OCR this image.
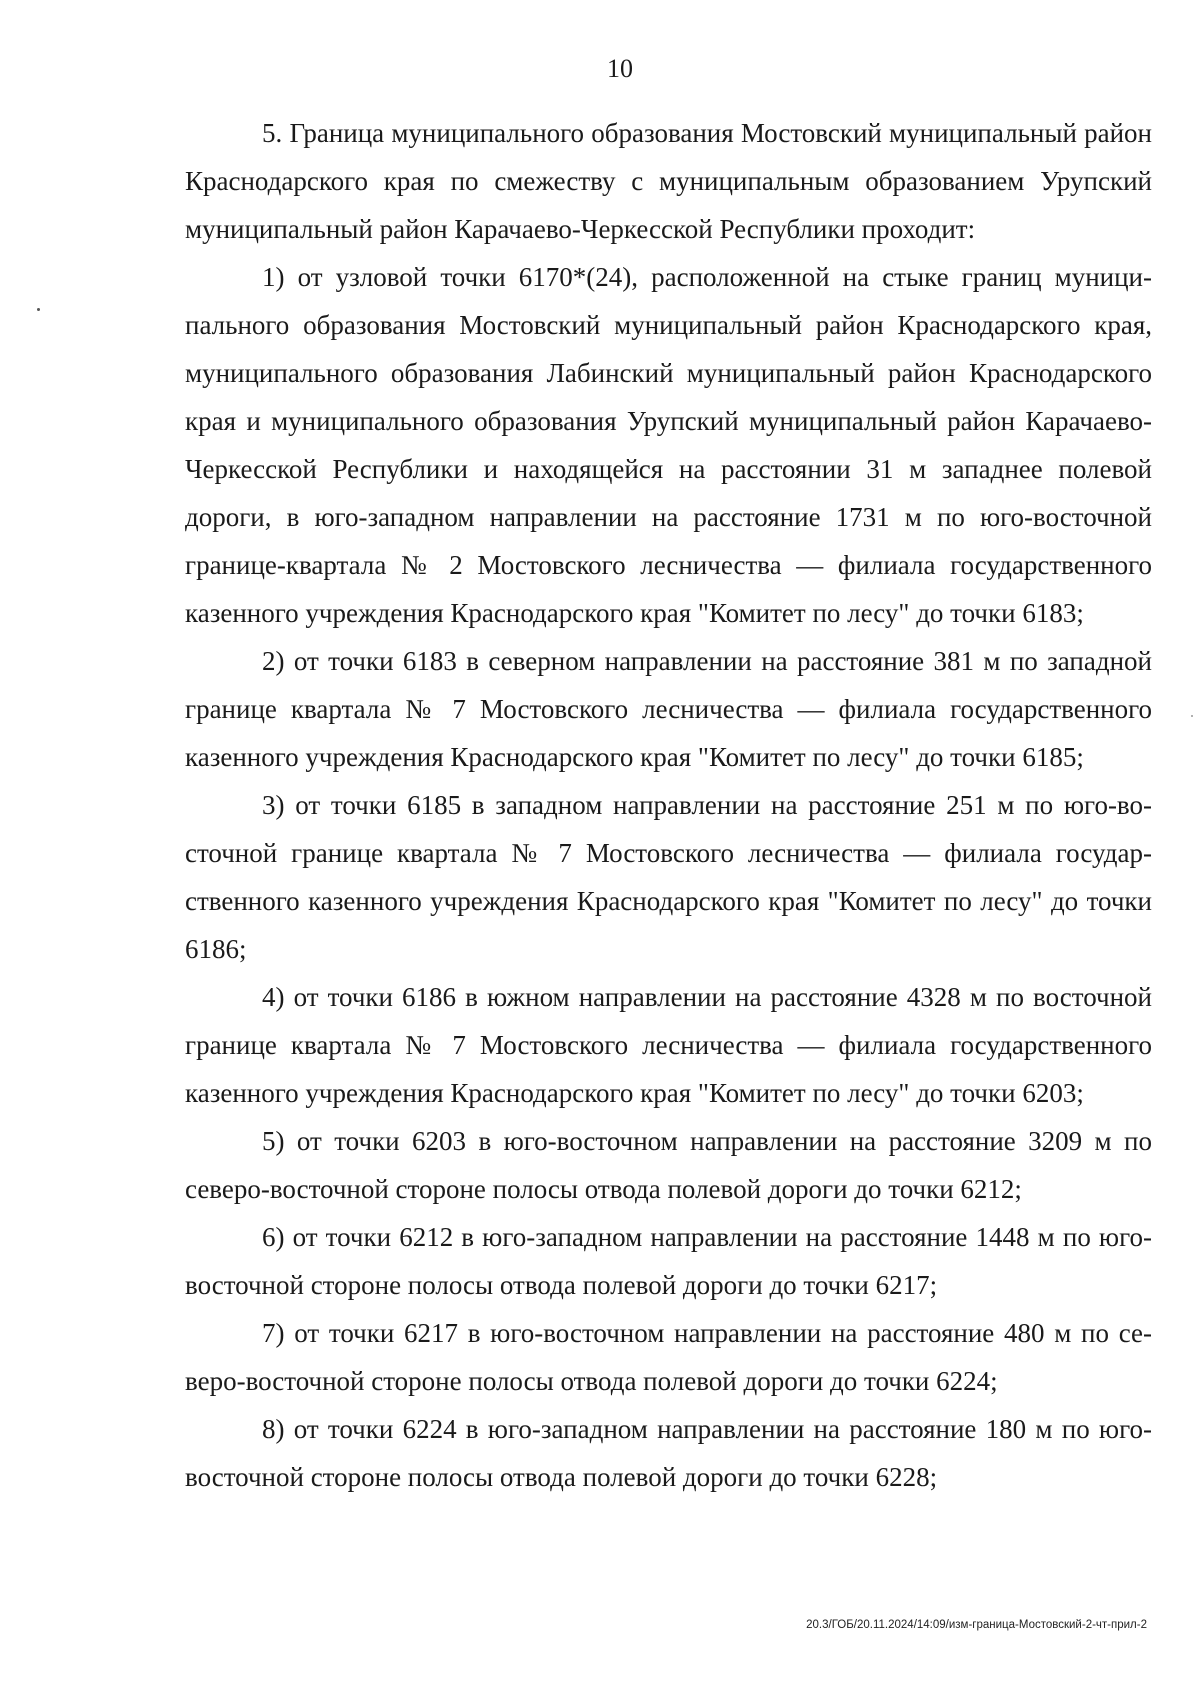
10

5. Граница муниципального образования Мостовский муниципальный район Краснодарского края по смежеству с муниципальным образованием Урупский муниципальный район Карачаево-Черкесской Республики проходит:

1) от узловой точки 6170*(24), расположенной на стыке границ муниципального образования Мостовский муниципальный район Краснодарского края, муниципального образования Лабинский муниципальный район Краснодарского края и муниципального образования Урупский муниципальный район Карачаево-Черкесской Республики и находящейся на расстоянии 31 м западнее полевой дороги, в юго-западном направлении на расстояние 1731 м по юго-восточной границе-квартала № 2 Мостовского лесничества — филиала государственного казенного учреждения Краснодарского края "Комитет по лесу" до точки 6183;

2) от точки 6183 в северном направлении на расстояние 381 м по западной границе квартала № 7 Мостовского лесничества — филиала государственного казенного учреждения Краснодарского края "Комитет по лесу" до точки 6185;

3) от точки 6185 в западном направлении на расстояние 251 м по юго-восточной границе квартала № 7 Мостовского лесничества — филиала государственного казенного учреждения Краснодарского края "Комитет по лесу" до точки 6186;

4) от точки 6186 в южном направлении на расстояние 4328 м по восточной границе квартала № 7 Мостовского лесничества — филиала государственного казенного учреждения Краснодарского края "Комитет по лесу" до точки 6203;

5) от точки 6203 в юго-восточном направлении на расстояние 3209 м по северо-восточной стороне полосы отвода полевой дороги до точки 6212;

6) от точки 6212 в юго-западном направлении на расстояние 1448 м по юго-восточной стороне полосы отвода полевой дороги до точки 6217;

7) от точки 6217 в юго-восточном направлении на расстояние 480 м по северо-восточной стороне полосы отвода полевой дороги до точки 6224;

8) от точки 6224 в юго-западном направлении на расстояние 180 м по юго-восточной стороне полосы отвода полевой дороги до точки 6228;

20.3/ГОБ/20.11.2024/14:09/изм-граница-Мостовский-2-чт-прил-2
